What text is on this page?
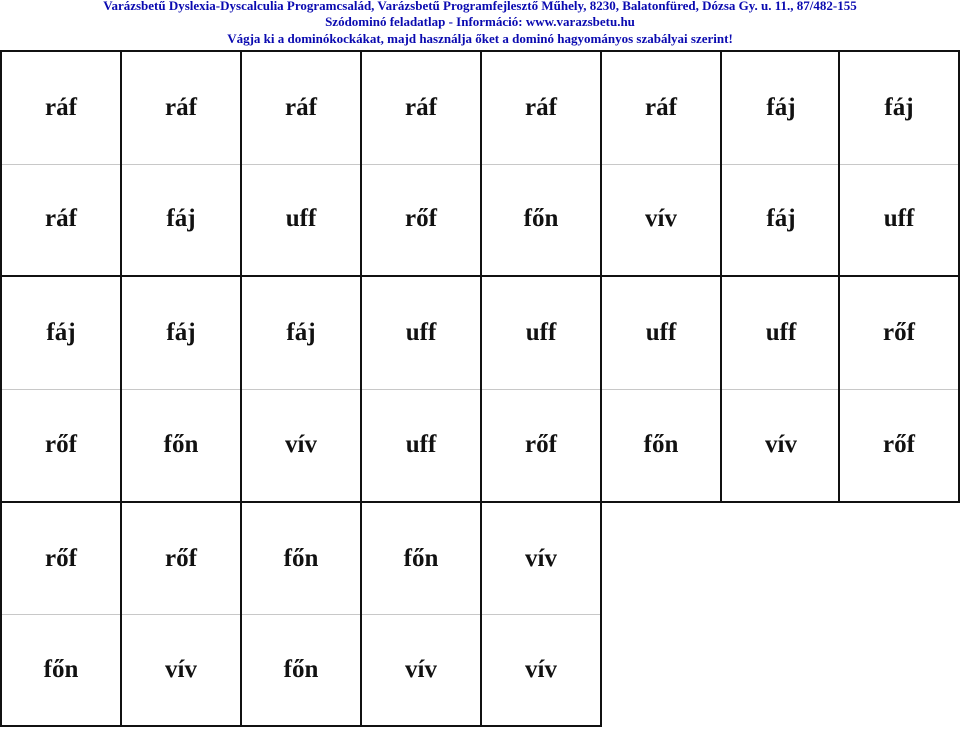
Varázsbetű Dyslexia-Dyscalculia Programcsalád, Varázsbetű Programfejlesztő Műhely, 8230, Balatonfüred, Dózsa Gy. u. 11., 87/482-155
Szódominó feladatlap - Információ: www.varazsbetu.hu
Vágja ki a dominókockákat, majd használja őket a dominó hagyományos szabályai szerint!
ráf
ráf
ráf
fáj
ráf
uff
ráf
rőf
ráf
főn
ráf
vív
fáj
fáj
fáj
uff
fáj
rőf
fáj
főn
fáj
vív
uff
uff
uff
rőf
uff
főn
uff
vív
rőf
rőf
rőf
főn
rőf
vív
főn
főn
főn
vív
vív
vív
